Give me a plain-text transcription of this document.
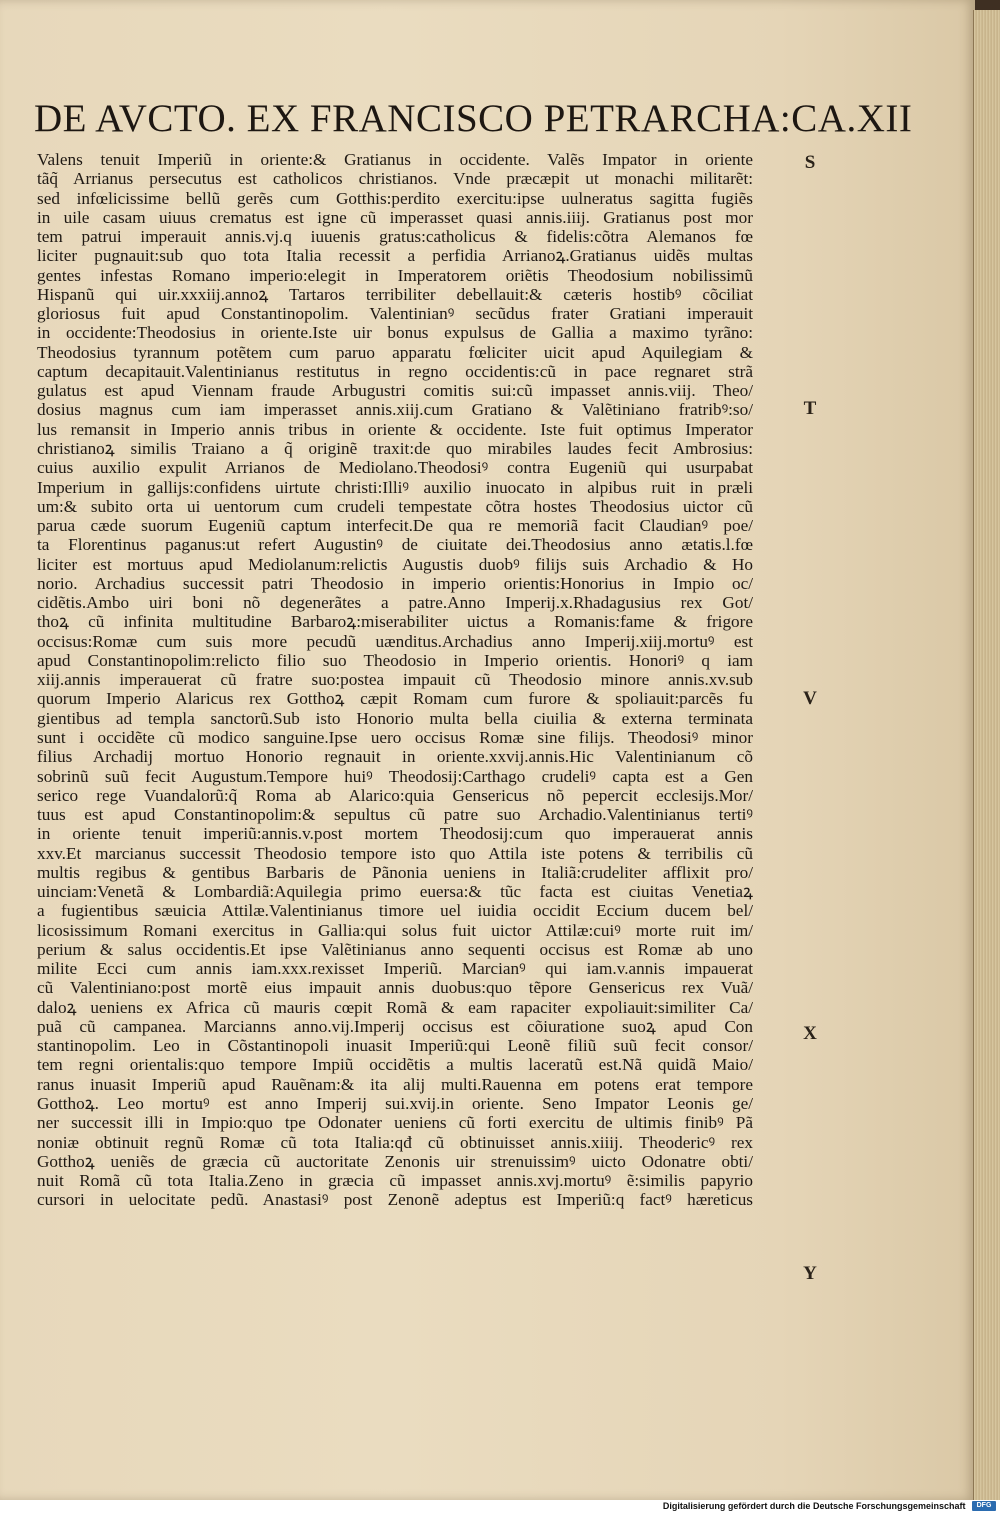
DE AVCTO. EX FRANCISCO PETRARCHA: CA.XII
Valens tenuit Imperiũ in oriente:& Gratianus in occidente. Valẽs Impator in oriente
tãq̃ Arrianus persecutus est catholicos christianos. Vnde præcæpit ut monachi militarẽt:
sed infœlicissime bellũ gerẽs cum Gotthis:perdito exercitu:ipse uulneratus sagitta fugiẽs
in uile casam uiuus crematus est igne cũ imperasset quasi annis.iiij. Gratianus post mor
tem patrui imperauit annis.vj.q iuuenis gratus:catholicus & fidelis:cõtra Alemanos fœ
liciter pugnauit:sub quo tota Italia recessit a perfidia Arrianoꝝ.Gratianus uidẽs multas
gentes infestas Romano imperio:elegit in Imperatorem oriẽtis Theodosium nobilissimũ
Hispanũ qui uir.xxxiij.annoꝝ Tartaros terribiliter debellauit:& cæteris hostibꝰ cõciliat
gloriosus fuit apud Constantinopolim. Valentinianꝰ secũdus frater Gratiani imperauit
in occidente:Theodosius in oriente.Iste uir bonus expulsus de Gallia a maximo tyrãno:
Theodosius tyrannum potẽtem cum paruo apparatu fœliciter uicit apud Aquilegiam &
captum decapitauit.Valentinianus restitutus in regno occidentis:cũ in pace regnaret strã
gulatus est apud Viennam fraude Arbugustri comitis sui:cũ impasset annis.viij. Theo/
dosius magnus cum iam imperasset annis.xiij.cum Gratiano & Valẽtiniano fratribꝰ:so/
lus remansit in Imperio annis tribus in oriente & occidente. Iste fuit optimus Imperator
christianoꝝ similis Traiano a q̃ originẽ traxit:de quo mirabiles laudes fecit Ambrosius:
cuius auxilio expulit Arrianos de Mediolano.Theodosiꝰ contra Eugeniũ qui usurpabat
Imperium in gallijs:confidens uirtute christi:Illiꝰ auxilio inuocato in alpibus ruit in præli
um:& subito orta ui uentorum cum crudeli tempestate cõtra hostes Theodosius uictor cũ
parua cæde suorum Eugeniũ captum interfecit.De qua re memoriã facit Claudianꝰ poe/
ta Florentinus paganus:ut refert Augustinꝰ de ciuitate dei.Theodosius anno ætatis.l.fœ
liciter est mortuus apud Mediolanum:relictis Augustis duobꝰ filijs suis Archadio & Ho
norio. Archadius successit patri Theodosio in imperio orientis:Honorius in Impio oc/
cidẽtis.Ambo uiri boni nõ degenerãtes a patre.Anno Imperij.x.Rhadagusius rex Got/
thoꝝ cũ infinita multitudine Barbaroꝝ:miserabiliter uictus a Romanis:fame & frigore
occisus:Romæ cum suis more pecudũ uænditus.Archadius anno Imperij.xiij.mortuꝰ est
apud Constantinopolim:relicto filio suo Theodosio in Imperio orientis. Honoriꝰ q iam
xiij.annis imperauerat cũ fratre suo:postea impauit cũ Theodosio minore annis.xv.sub
quorum Imperio Alaricus rex Gotthoꝝ cæpit Romam cum furore & spoliauit:parcẽs fu
gientibus ad templa sanctorũ.Sub isto Honorio multa bella ciuilia & externa terminata
sunt i occidẽte cũ modico sanguine.Ipse uero occisus Romæ sine filijs. Theodosiꝰ minor
filius Archadij mortuo Honorio regnauit in oriente.xxvij.annis.Hic Valentinianum cõ
sobrinũ suũ fecit Augustum.Tempore huiꝰ Theodosij:Carthago crudeliꝰ capta est a Gen
serico rege Vuandalorũ:q̃ Roma ab Alarico:quia Gensericus nõ pepercit ecclesijs.Mor/
tuus est apud Constantinopolim:& sepultus cũ patre suo Archadio.Valentinianus tertiꝰ
in oriente tenuit imperiũ:annis.v.post mortem Theodosij:cum quo imperauerat annis
xxv.Et marcianus successit Theodosio tempore isto quo Attila iste potens & terribilis cũ
multis regibus & gentibus Barbaris de Pãnonia ueniens in Italiã:crudeliter afflixit pro/
uinciam:Venetã & Lombardiã:Aquilegia primo euersa:& tũc facta est ciuitas Venetiaꝝ
a fugientibus sæuicia Attilæ.Valentinianus timore uel iuidia occidit Eccium ducem bel/
licosissimum Romani exercitus in Gallia:qui solus fuit uictor Attilæ:cuiꝰ morte ruit im/
perium & salus occidentis.Et ipse Valẽtinianus anno sequenti occisus est Romæ ab uno
milite Ecci cum annis iam.xxx.rexisset Imperiũ. Marcianꝰ qui iam.v.annis impauerat
cũ Valentiniano:post mortẽ eius impauit annis duobus:quo tẽpore Gensericus rex Vuã/
daloꝝ ueniens ex Africa cũ mauris cœpit Romã & eam rapaciter expoliauit:similiter Ca/
puã cũ campanea. Marcianns anno.vij.Imperij occisus est cõiuratione suoꝝ apud Con
stantinopolim. Leo in Cõstantinopoli inuasit Imperiũ:qui Leonẽ filiũ suũ fecit consor/
tem regni orientalis:quo tempore Impiũ occidẽtis a multis laceratũ est.Nã quidã Maio/
ranus inuasit Imperiũ apud Rauẽnam:& ita alij multi.Rauenna em potens erat tempore
Gotthoꝝ. Leo mortuꝰ est anno Imperij sui.xvij.in oriente. Seno Impator Leonis ge/
ner successit illi in Impio:quo tpe Odonater ueniens cũ forti exercitu de ultimis finibꝰ Pã
noniæ obtinuit regnũ Romæ cũ tota Italia:qđ cũ obtinuisset annis.xiiij. Theodericꝰ rex
Gotthoꝝ ueniẽs de græcia cũ auctoritate Zenonis uir strenuissimꝰ uicto Odonatre obti/
nuit Romã cũ tota Italia.Zeno in græcia cũ impasset annis.xvj.mortuꝰ ẽ:similis papyrio
cursori in uelocitate pedũ. Anastasiꝰ post Zenonẽ adeptus est Imperiũ:q factꝰ hæreticus
S
T
V
X
Y
Digitalisierung gefördert durch die Deutsche Forschungsgemeinschaft DFG
